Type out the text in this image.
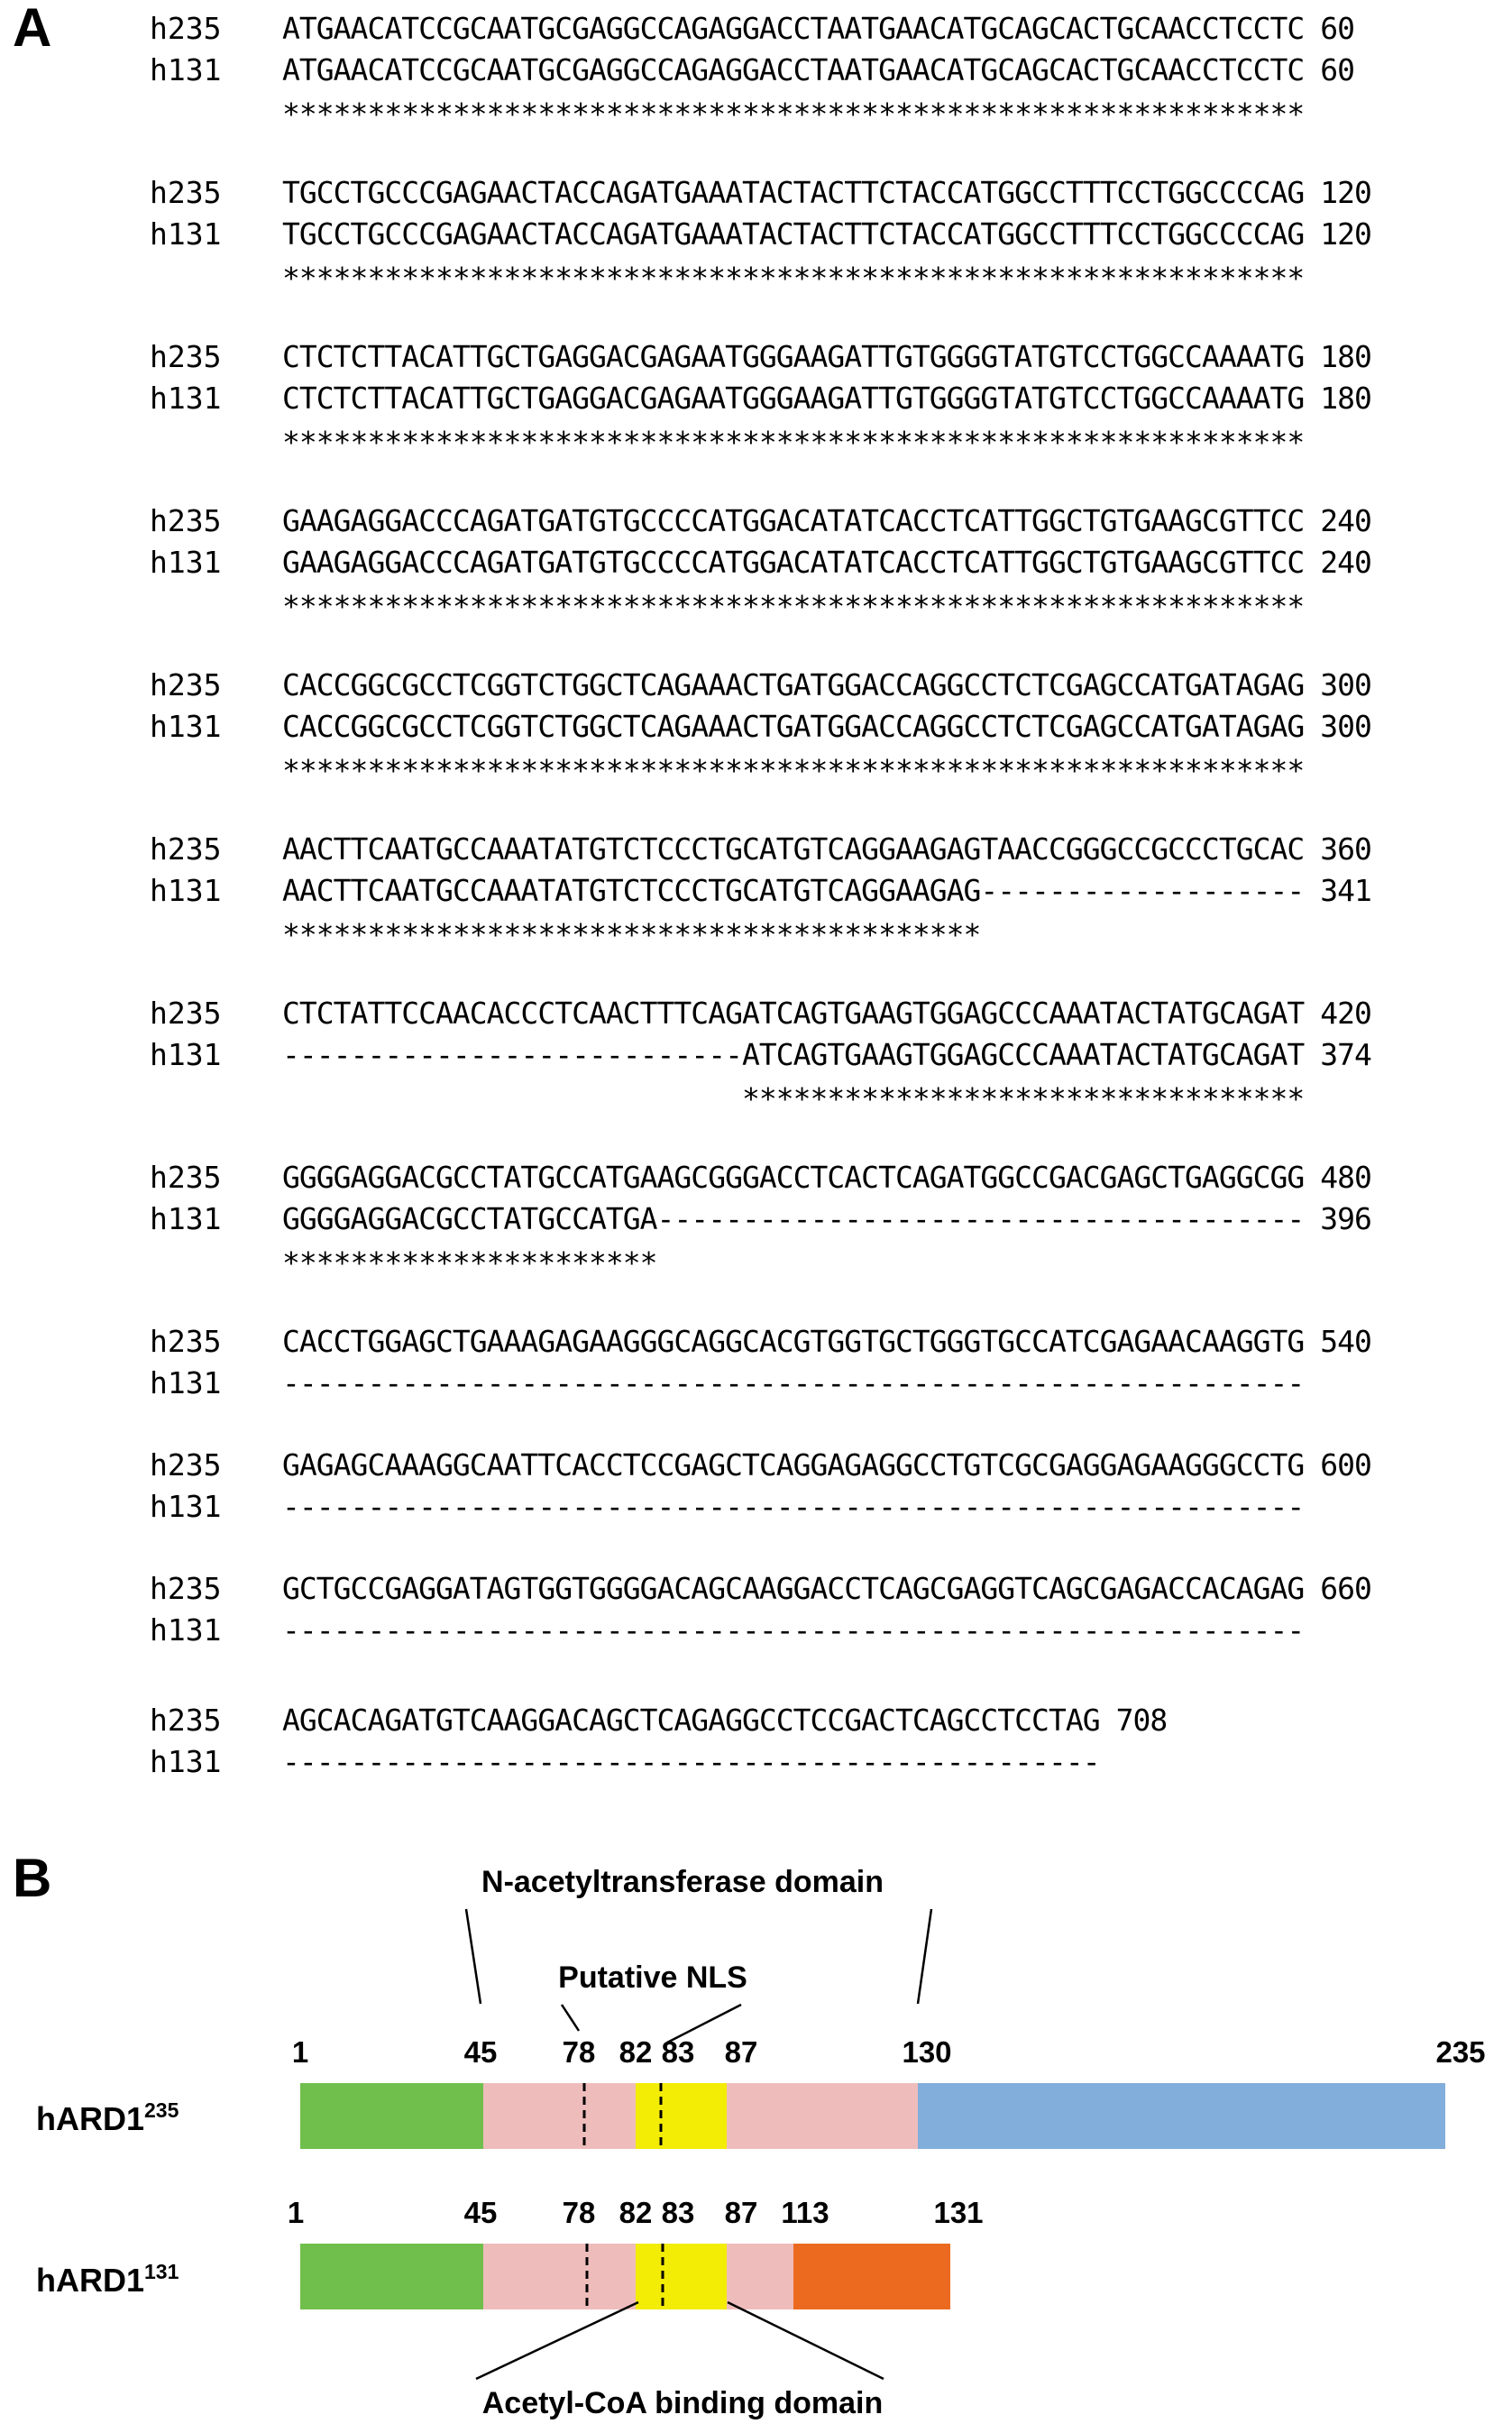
A	h235 ATGAACATCCGCAATGCGAGGCCAGAGGACCTAATGAACATGCAGCACTGCAACCTCCTC 60
h131 ATGAACATCCGCAATGCGAGGCCAGAGGACCTAATGAACATGCAGCACTGCAACCTCCTC 60
************************************************************
h235 TGCCTGCCCGAGAACTACCAGATGAAATACTACTTCTACCATGGCCTTTCCTGGCCCCAG 120
h131 TGCCTGCCCGAGAACTACCAGATGAAATACTACTTCTACCATGGCCTTTCCTGGCCCCAG 120
************************************************************
h235 CTCTCTTACATTGCTGAGGACGAGAATGGGAAGATTGTGGGGTATGTCCTGGCCAAAATG 180
h131 CTCTCTTACATTGCTGAGGACGAGAATGGGAAGATTGTGGGGTATGTCCTGGCCAAAATG 180
************************************************************
h235 GAAGAGGACCCAGATGATGTGCCCCATGGACATATCACCTCATTGGCTGTGAAGCGTTCC 240
h131 GAAGAGGACCCAGATGATGTGCCCCATGGACATATCACCTCATTGGCTGTGAAGCGTTCC 240
************************************************************
h235 CACCGGCGCCTCGGTCTGGCTCAGAAACTGATGGACCAGGCCTCTCGAGCCATGATAGAG 300
h131 CACCGGCGCCTCGGTCTGGCTCAGAAACTGATGGACCAGGCCTCTCGAGCCATGATAGAG 300
************************************************************
h235 AACTTCAATGCCAAATATGTCTCCCTGCATGTCAGGAAGAGTAACCGGGCCGCCCTGCAC 360
h131 AACTTCAATGCCAAATATGTCTCCCTGCATGTCAGGAAGAG------------------- 341
*****************************************
h235 CTCTATTCCAACACCCTCAACTTTCAGATCAGTGAAGTGGAGCCCAAATACTATGCAGAT 420
h131 ---------------------------ATCAGTGAAGTGGAGCCCAAATACTATGCAGAT 374
*********************************
h235 GGGGAGGACGCCTATGCCATGAAGCGGGACCTCACTCAGATGGCCGACGAGCTGAGGCGG 480
h131 GGGGAGGACGCCTATGCCATGA-------------------------------------- 396
**********************
h235 CACCTGGAGCTGAAAGAGAAGGGCAGGCACGTGGTGCTGGGTGCCATCGAGAACAAGGTG 540
h131 ------------------------------------------------------------
h235 GAGAGCAAAGGCAATTCACCTCCGAGCTCAGGAGAGGCCTGTCGCGAGGAGAAGGGCCTG 600
h131 ------------------------------------------------------------
h235 GCTGCCGAGGATAGTGGTGGGGACAGCAAGGACCTCAGCGAGGTCAGCGAGACCACAGAG 660
h131 ------------------------------------------------------------
h235 AGCACAGATGTCAAGGACAGCTCAGAGGCCTCCGACTCAGCCTCCTAG 708
h131 ------------------------------------------------
B
1	45 78 82 83 87	130	235
1	45 78 82 83 87 113	131
N-acetyltransferase domain
Putative NLS
Acetyl-CoA binding domain
$hARD1^{235}$
$hARD1^{131}$
